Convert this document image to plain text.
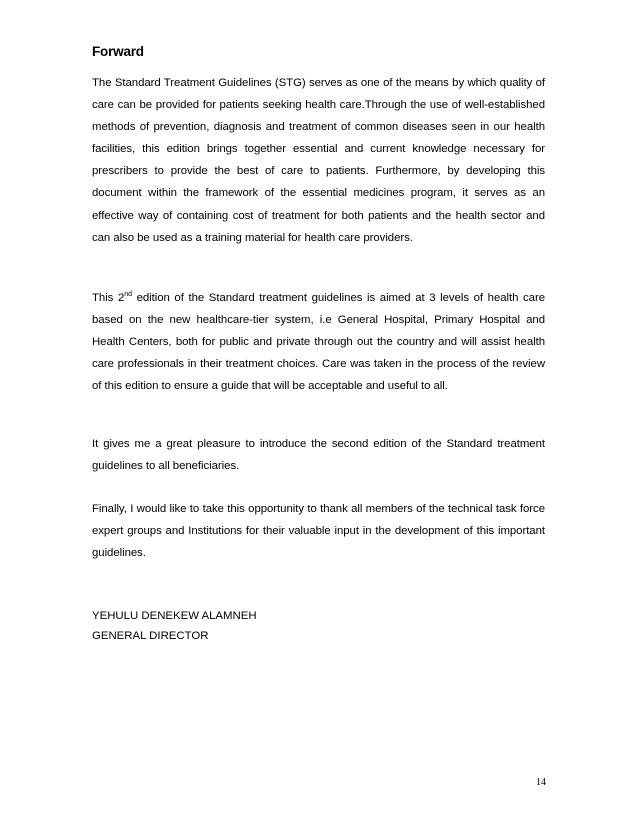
Forward

The Standard Treatment Guidelines (STG) serves as one of the means by which quality of care can be provided for patients seeking health care.Through the use of well-established methods of prevention, diagnosis and treatment of common diseases seen in our health facilities, this edition brings together essential and current knowledge necessary for prescribers to provide the best of care to patients. Furthermore, by developing this document within the framework of the essential medicines program, it serves as an effective way of containing cost of treatment for both patients and the health sector and can also be used as a training material for health care providers.

This 2nd edition of the Standard treatment guidelines is aimed at 3 levels of health care based on the new healthcare-tier system, i.e General Hospital, Primary Hospital and Health Centers, both for public and private through out the country and will assist health care professionals in their treatment choices. Care was taken in the process of the review of this edition to ensure a guide that will be acceptable and useful to all.

It gives me a great pleasure to introduce the second edition of the Standard treatment guidelines to all beneficiaries.

Finally, I would like to take this opportunity to thank all members of the technical task force expert groups and Institutions for their valuable input in the development of this important guidelines.

YEHULU DENEKEW ALAMNEH
GENERAL DIRECTOR
14
